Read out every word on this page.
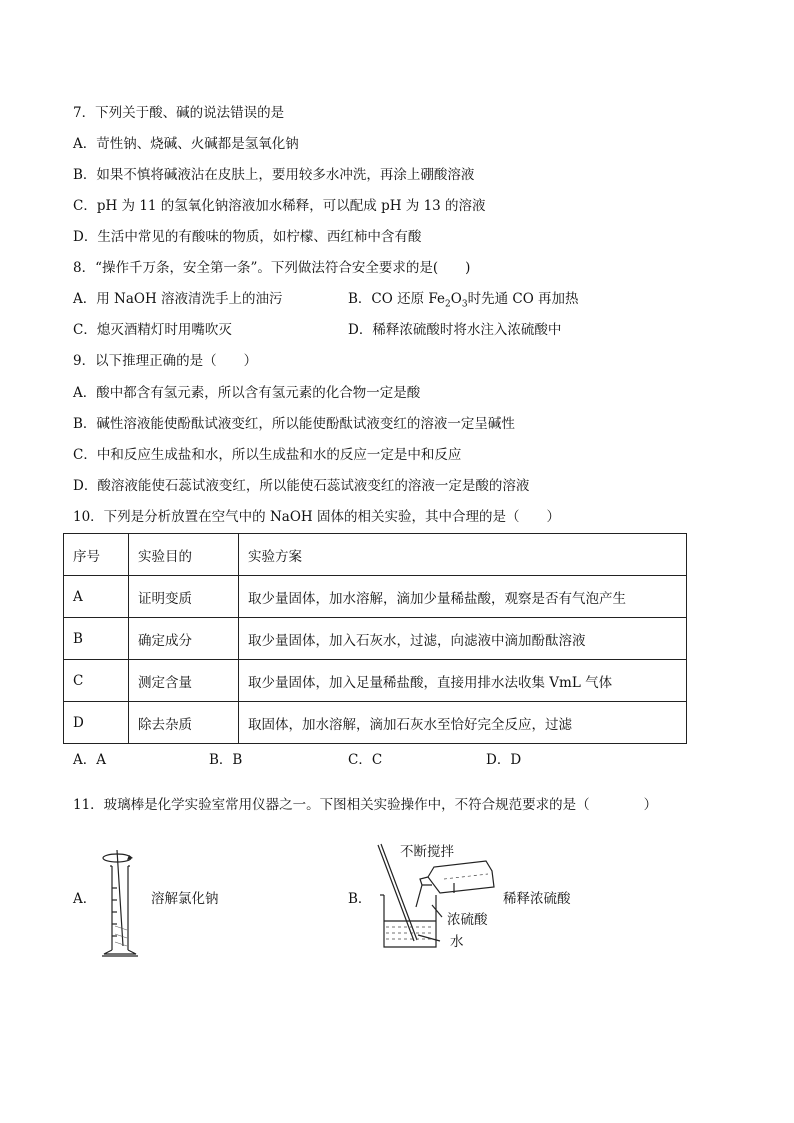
7．下列关于酸、碱的说法错误的是
A．苛性钠、烧碱、火碱都是氢氧化钠
B．如果不慎将碱液沾在皮肤上，要用较多水冲洗，再涂上硼酸溶液
C．pH 为 11 的氢氧化钠溶液加水稀释，可以配成 pH 为 13 的溶液
D．生活中常见的有酸味的物质，如柠檬、西红柿中含有酸
8．“操作千万条，安全第一条”。下列做法符合安全要求的是(　　)
A．用 NaOH 溶液清洗手上的油污	B．CO 还原 $Fe_2O_3$时先通 CO 再加热
C．熄灭酒精灯时用嘴吹灭	D．稀释浓硫酸时将水注入浓硫酸中
9．以下推理正确的是（　　）
A．酸中都含有氢元素，所以含有氢元素的化合物一定是酸
B．碱性溶液能使酚酞试液变红，所以能使酚酞试液变红的溶液一定呈碱性
C．中和反应生成盐和水，所以生成盐和水的反应一定是中和反应
D．酸溶液能使石蕊试液变红，所以能使石蕊试液变红的溶液一定是酸的溶液
10．下列是分析放置在空气中的 NaOH 固体的相关实验，其中合理的是（　　）
序号	实验目的	实验方案
A	证明变质	取少量固体，加水溶解，滴加少量稀盐酸，观察是否有气泡产生
B	确定成分	取少量固体，加入石灰水，过滤，向滤液中滴加酚酞溶液
C	测定含量	取少量固体，加入足量稀盐酸，直接用排水法收集 VmL 气体
D	除去杂质	取固体，加水溶解，滴加石灰水至恰好完全反应，过滤
A．A	B．B	C．C	D．D
11．玻璃棒是化学实验室常用仪器之一。下图相关实验操作中，不符合规范要求的是（　　　　）
A．	溶解氯化钠	B．
不断搅拌
稀释浓硫酸
浓硫酸
水
